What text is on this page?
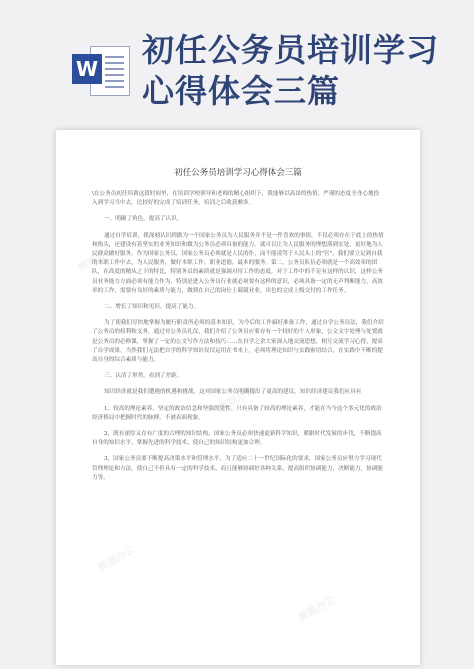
W 初任公务员培训学习心得体会三篇
初任公务员培训学习心得体会三篇

\在公务员初任培训这段时间里，在培训学校领导和老师的精心组织下，我能够以高昂的热情、严谨的态度全身心地投入到学习当中去，比较好的完成了培训任务，培训之后收获颇多。

一、明确了角色，提高了认识。

通过自学培训，我深刻认识到做为一个国家公务员为人民服务并不是一件喜欢的事情，不仅必须存在于底上的热情和热头，还建设有着坚实的业务知识和做为公务员必须具备的能力。就可以让为人民服务的理想落到实处，更好地为人民群众做好服务。作为国家公务员，国家公务员必须就是人民的仆，而不能凌驾于人民头上的"官"，我们要立足到自我的本职工作中去，为人民服务，做好本职工作。职业道德，最本的服务。第二，公务员队伍必须就是一个高效率的团队，在高度的精从之下的特比，特别务员的素质就是强调对待工作的态度，对于工作中的不足有这样的认识，这样公务员业务能力方面必须有能力作为，特别是进入公务员行业就必须要有这样的意识，必须具备一定的无声判断能力，高效率的工作，需要有良好的素质与能力，做到在自己的岗位上兢兢业业，出色的完成上级交付的工作任务。

二、增长了知识和见识，提高了能力。

为了使我们尽快地掌握为履行职责所必须的基本知识，为今后的工作搞好准备工作，通过自学公务员法，我们介绍了公务员的权利和义务，通过对公务员礼仪，我们介绍了公务员应要存有一个较好的个人形象，公文文字处理与处置就是公务员的必修课，掌握了一定的公文写作方法和技巧……在自学之余大家深入地交流思想，相互交流学习心得，提高了自学成果，当然我们无法把自学的科学知识仅仅运用在书本上，必须将理论知识与实践密切结合，在实践中不断的提高自身的综合素质与能力。

三、认清了形势，看到了差距。

知识经济就是我们遭遇的机遇和挑战，这对国家公务员明确提出了更高的建议。知识经济建议我们应具有

1，较高的理论素养，坚定的政治信念和坚强的党性。只有具备了较高的理论素养，才能在当今这个多元化的政治经济格局中把握时代的脉搏，不被表面现象。

2，既有深厚又存有广度的合理的知识结构。国家公务员必须快速更新科学知识，紧跟时代发展的步伐，不断提高自身的知识水平，掌握先进的科学技术，使自己的知识结构更加合理。

3，国家公务员要不断提高决策水平和管理水平，为了适应二十一世纪国际化的要求，国家公务员应努力学习现代管理理论和方法，使自己不但具有一定的科学技术，而且能够协调好各种关系，提高组织协调能力，决断能力，协调能力等。

熊猫办公
熊猫办公
熊猫办公
熊猫办公
